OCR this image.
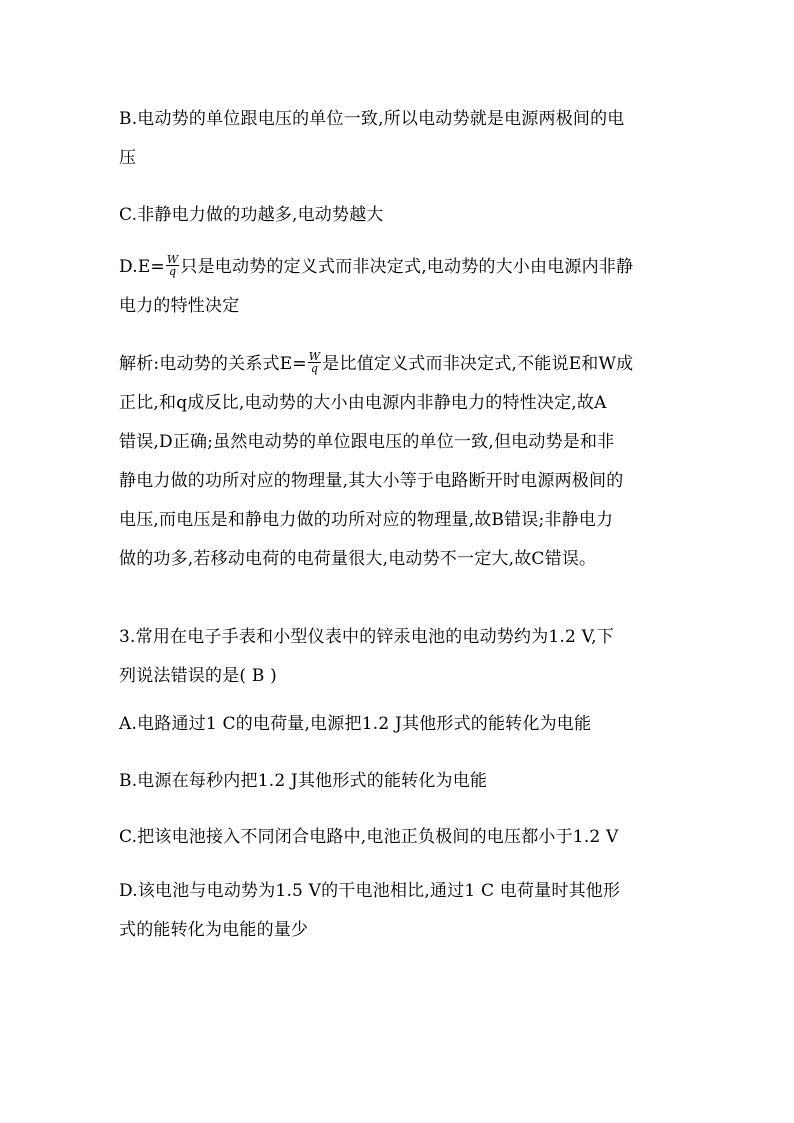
B.电动势的单位跟电压的单位一致,所以电动势就是电源两极间的电
压
C.非静电力做的功越多,电动势越大
$D.E= \frac{W}{q}$ 只是电动势的定义式而非决定式,电动势的大小由电源内非静
电力的特性决定
解析:电动势的关系式$E= \frac{W}{q}$ 是比值定义式而非决定式,不能说E和W成
正比,和q成反比,电动势的大小由电源内非静电力的特性决定,故A
错误,D正确;虽然电动势的单位跟电压的单位一致,但电动势是和非
静电力做的功所对应的物理量,其大小等于电路断开时电源两极间的
电压,而电压是和静电力做的功所对应的物理量,故B错误;非静电力
做的功多,若移动电荷的电荷量很大,电动势不一定大,故C错误。
3.常用在电子手表和小型仪表中的锌汞电池的电动势约为1.2 V,下
列说法错误的是( B )
A.电路通过1 C的电荷量,电源把1.2 J其他形式的能转化为电能
B.电源在每秒内把1.2 J其他形式的能转化为电能
C.把该电池接入不同闭合电路中,电池正负极间的电压都小于1.2 V
D.该电池与电动势为1.5 V的干电池相比,通过1 C 电荷量时其他形
式的能转化为电能的量少
